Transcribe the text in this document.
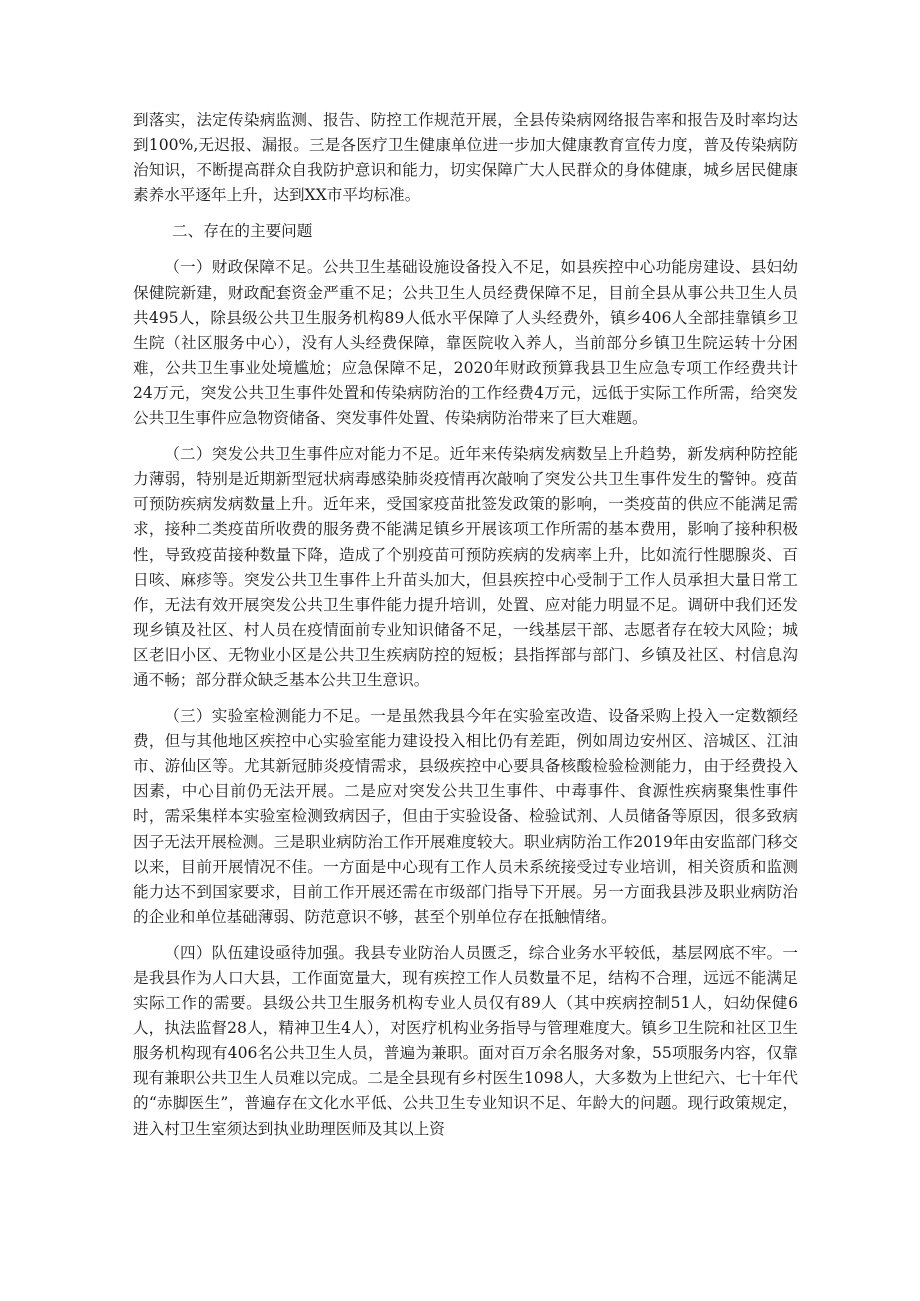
到落实，法定传染病监测、报告、防控工作规范开展，全县传染病网络报告率和报告及时率均达到100%,无迟报、漏报。三是各医疗卫生健康单位进一步加大健康教育宣传力度，普及传染病防治知识，不断提高群众自我防护意识和能力，切实保障广大人民群众的身体健康，城乡居民健康素养水平逐年上升，达到XX市平均标准。

二、存在的主要问题

（一）财政保障不足。公共卫生基础设施设备投入不足，如县疾控中心功能房建设、县妇幼保健院新建，财政配套资金严重不足；公共卫生人员经费保障不足，目前全县从事公共卫生人员共495人，除县级公共卫生服务机构89人低水平保障了人头经费外，镇乡406人全部挂靠镇乡卫生院（社区服务中心），没有人头经费保障，靠医院收入养人，当前部分乡镇卫生院运转十分困难，公共卫生事业处境尴尬；应急保障不足，2020年财政预算我县卫生应急专项工作经费共计24万元，突发公共卫生事件处置和传染病防治的工作经费4万元，远低于实际工作所需，给突发公共卫生事件应急物资储备、突发事件处置、传染病防治带来了巨大难题。

（二）突发公共卫生事件应对能力不足。近年来传染病发病数呈上升趋势，新发病种防控能力薄弱，特别是近期新型冠状病毒感染肺炎疫情再次敲响了突发公共卫生事件发生的警钟。疫苗可预防疾病发病数量上升。近年来，受国家疫苗批签发政策的影响，一类疫苗的供应不能满足需求，接种二类疫苗所收费的服务费不能满足镇乡开展该项工作所需的基本费用，影响了接种积极性，导致疫苗接种数量下降，造成了个别疫苗可预防疾病的发病率上升，比如流行性腮腺炎、百日咳、麻疹等。突发公共卫生事件上升苗头加大，但县疾控中心受制于工作人员承担大量日常工作，无法有效开展突发公共卫生事件能力提升培训，处置、应对能力明显不足。调研中我们还发现乡镇及社区、村人员在疫情面前专业知识储备不足，一线基层干部、志愿者存在较大风险；城区老旧小区、无物业小区是公共卫生疾病防控的短板；县指挥部与部门、乡镇及社区、村信息沟通不畅；部分群众缺乏基本公共卫生意识。

（三）实验室检测能力不足。一是虽然我县今年在实验室改造、设备采购上投入一定数额经费，但与其他地区疾控中心实验室能力建设投入相比仍有差距，例如周边安州区、涪城区、江油市、游仙区等。尤其新冠肺炎疫情需求，县级疾控中心要具备核酸检验检测能力，由于经费投入因素，中心目前仍无法开展。二是应对突发公共卫生事件、中毒事件、食源性疾病聚集性事件时，需采集样本实验室检测致病因子，但由于实验设备、检验试剂、人员储备等原因，很多致病因子无法开展检测。三是职业病防治工作开展难度较大。职业病防治工作2019年由安监部门移交以来，目前开展情况不佳。一方面是中心现有工作人员未系统接受过专业培训，相关资质和监测能力达不到国家要求，目前工作开展还需在市级部门指导下开展。另一方面我县涉及职业病防治的企业和单位基础薄弱、防范意识不够，甚至个别单位存在抵触情绪。

（四）队伍建设亟待加强。我县专业防治人员匮乏，综合业务水平较低，基层网底不牢。一是我县作为人口大县，工作面宽量大，现有疾控工作人员数量不足，结构不合理，远远不能满足实际工作的需要。县级公共卫生服务机构专业人员仅有89人（其中疾病控制51人，妇幼保健6人，执法监督28人，精神卫生4人），对医疗机构业务指导与管理难度大。镇乡卫生院和社区卫生服务机构现有406名公共卫生人员，普遍为兼职。面对百万余名服务对象，55项服务内容，仅靠现有兼职公共卫生人员难以完成。二是全县现有乡村医生1098人，大多数为上世纪六、七十年代的“赤脚医生”，普遍存在文化水平低、公共卫生专业知识不足、年龄大的问题。现行政策规定，进入村卫生室须达到执业助理医师及其以上资
